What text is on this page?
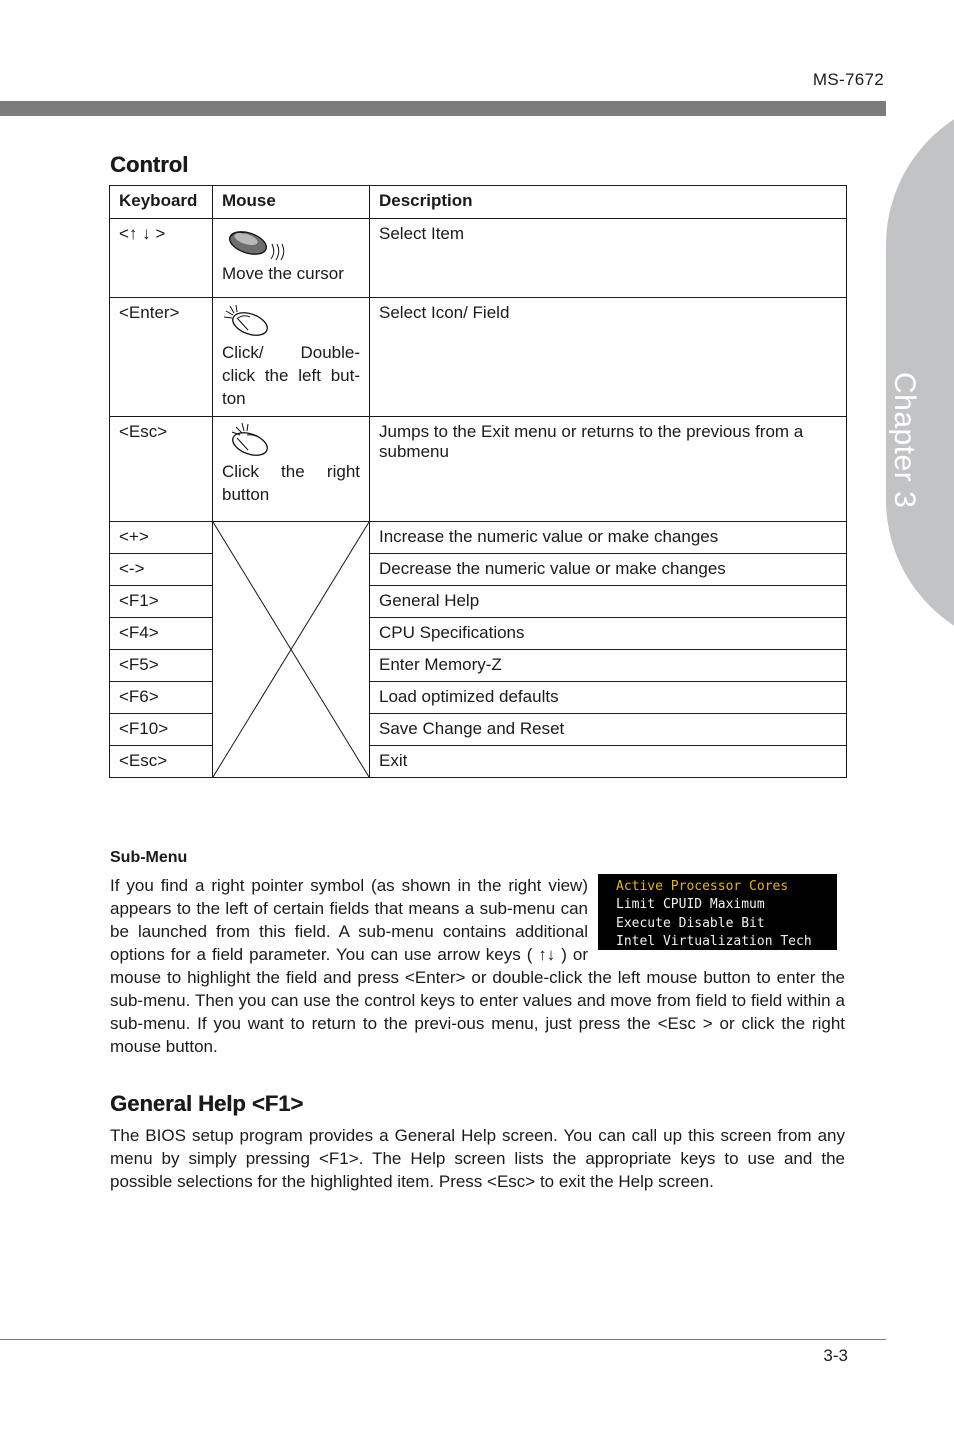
MS-7672
Chapter 3
Control
Keyboard	Mouse	Description
<↑ ↓ >	Move the cursor	Select Item
<Enter>	Click/ Double-click the left but-ton	Select Icon/ Field
<Esc>	Click the right button	Jumps to the Exit menu or returns to the previous from a submenu
<+>		Increase the numeric value or make changes
<->		Decrease the numeric value or make changes
<F1>		General Help
<F4>		CPU Specifications
<F5>		Enter Memory-Z
<F6>		Load optimized defaults
<F10>		Save Change and Reset
<Esc>		Exit
Sub-Menu
Active Processor Cores
Limit CPUID Maximum
Execute Disable Bit
Intel Virtualization Tech
If you find a right pointer symbol (as shown in the right view) appears to the left of certain fields that means a sub-menu can be launched from this field. A sub-menu contains additional options for a field parameter. You can use arrow keys ( ↑↓ ) or mouse to highlight the field and press <Enter> or double-click the left mouse button to enter the sub-menu. Then you can use the control keys to enter values and move from field to field within a sub-menu. If you want to return to the previ-ous menu, just press the <Esc > or click the right mouse button.
General Help <F1>

The BIOS setup program provides a General Help screen. You can call up this screen from any menu by simply pressing <F1>. The Help screen lists the appropriate keys to use and the possible selections for the highlighted item. Press <Esc> to exit the Help screen.

3-3
